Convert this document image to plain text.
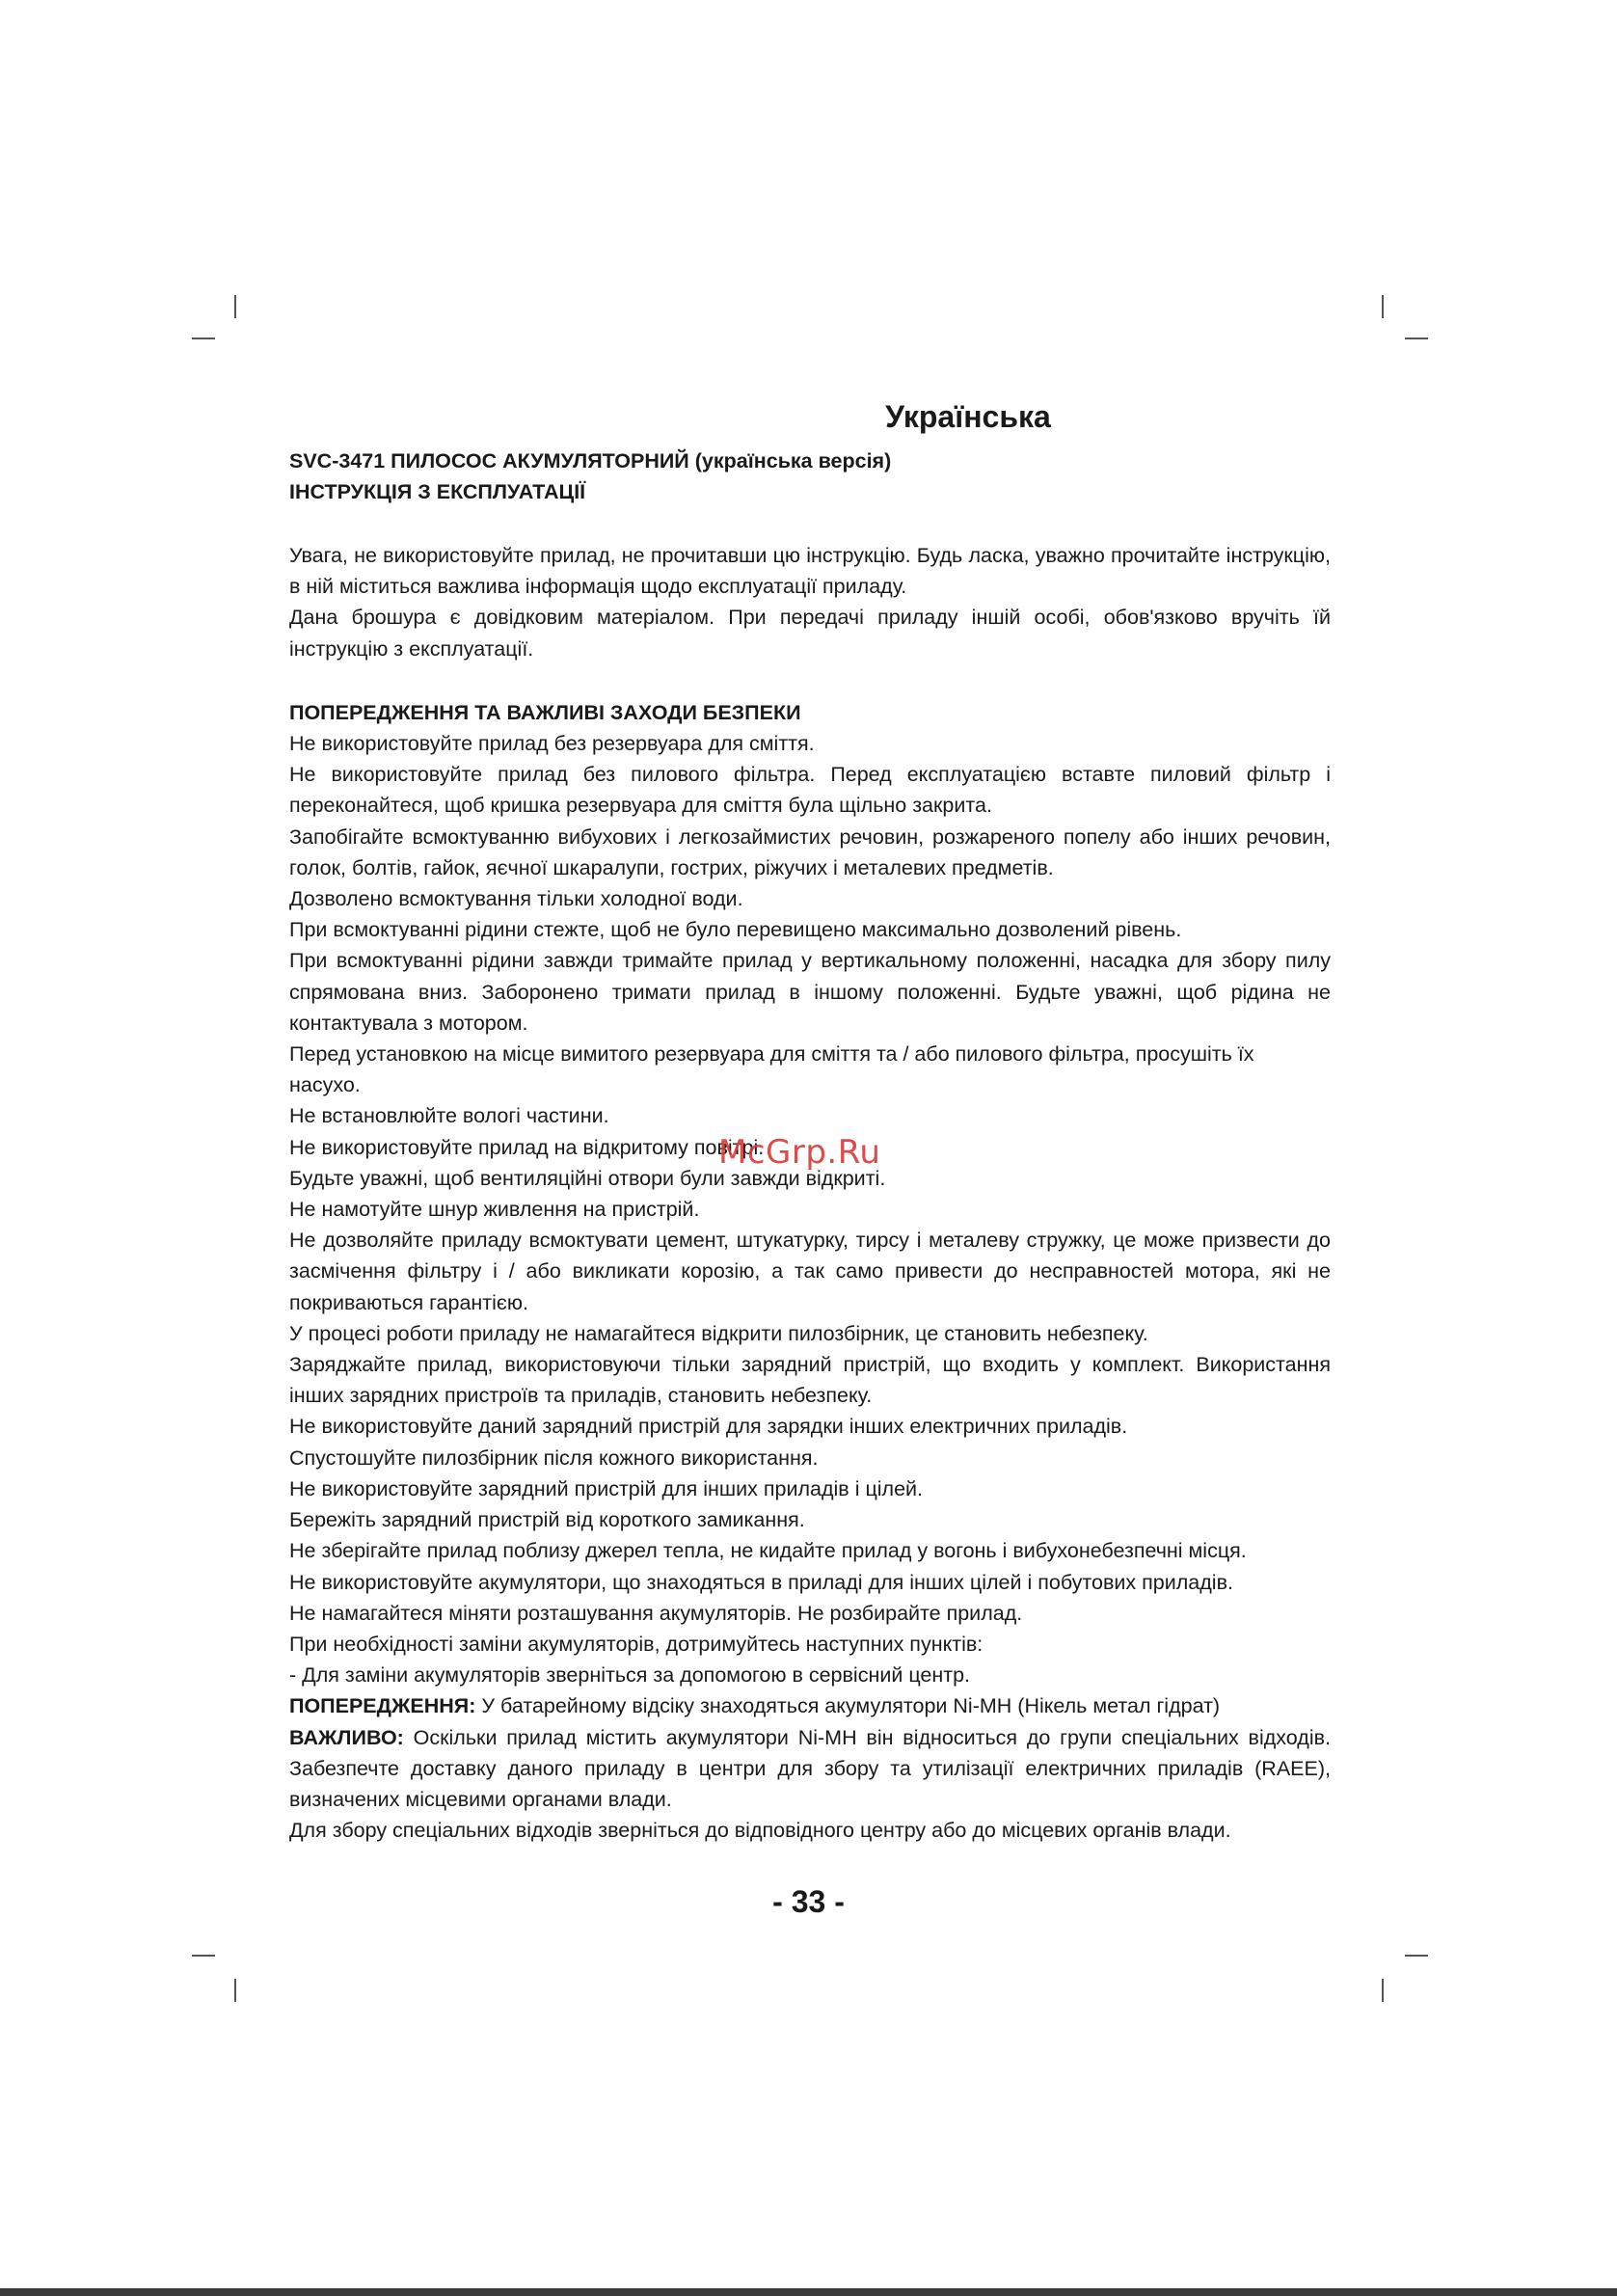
Українська
SVC-3471 ПИЛОСОС АКУМУЛЯТОРНИЙ (українська версія)
ІНСТРУКЦІЯ З ЕКСПЛУАТАЦІЇ

Увага, не використовуйте прилад, не прочитавши цю інструкцію. Будь ласка, уважно прочитайте інструкцію, в ній міститься важлива інформація щодо експлуатації приладу.

Дана брошура є довідковим матеріалом. При передачі приладу іншій особі, обов'язково вручіть їй інструкцію з експлуатації.

ПОПЕРЕДЖЕННЯ ТА ВАЖЛИВІ ЗАХОДИ БЕЗПЕКИ

Не використовуйте прилад без резервуара для сміття.

Не використовуйте прилад без пилового фільтра. Перед експлуатацією вставте пиловий фільтр і переконайтеся, щоб кришка резервуара для сміття була щільно закрита.

Запобігайте всмоктуванню вибухових і легкозаймистих речовин, розжареного попелу або інших речовин, голок, болтів, гайок, яєчної шкаралупи, гострих, ріжучих і металевих предметів.

Дозволено всмоктування тільки холодної води.

При всмоктуванні рідини стежте, щоб не було перевищено максимально дозволений рівень.

При всмоктуванні рідини завжди тримайте прилад у вертикальному положенні, насадка для збору пилу спрямована вниз. Заборонено тримати прилад в іншому положенні. Будьте уважні, щоб рідина не контактувала з мотором.

Перед установкою на місце вимитого резервуара для сміття та / або пилового фільтра, просушіть їх насухо.

Не встановлюйте вологі частини.

Не використовуйте прилад на відкритому повітрі.

Будьте уважні, щоб вентиляційні отвори були завжди відкриті.

Не намотуйте шнур живлення на пристрій.

Не дозволяйте приладу всмоктувати цемент, штукатурку, тирсу і металеву стружку, це може призвести до засмічення фільтру і / або викликати корозію, а так само привести до несправностей мотора, які не покриваються гарантією.

У процесі роботи приладу не намагайтеся відкрити пилозбірник, це становить небезпеку.

Заряджайте прилад, використовуючи тільки зарядний пристрій, що входить у комплект. Використання інших зарядних пристроїв та приладів, становить небезпеку.

Не використовуйте даний зарядний пристрій для зарядки інших електричних приладів.

Спустошуйте пилозбірник після кожного використання.

Не використовуйте зарядний пристрій для інших приладів і цілей.

Бережіть зарядний пристрій від короткого замикання.

Не зберігайте прилад поблизу джерел тепла, не кидайте прилад у вогонь і вибухонебезпечні місця.

Не використовуйте акумулятори, що знаходяться в приладі для інших цілей і побутових приладів.

Не намагайтеся міняти розташування акумуляторів. Не розбирайте прилад.

При необхідності заміни акумуляторів, дотримуйтесь наступних пунктів:

- Для заміни акумуляторів зверніться за допомогою в сервісний центр.

ПОПЕРЕДЖЕННЯ: У батарейному відсіку знаходяться акумулятори Ni-MH (Нікель метал гідрат)

ВАЖЛИВО: Оскільки прилад містить акумулятори Ni-MH він відноситься до групи спеціальних відходів. Забезпечте доставку даного приладу в центри для збору та утилізації електричних приладів (RAEE), визначених місцевими органами влади.

Для збору спеціальних відходів зверніться до відповідного центру або до місцевих органів влади.

McGrp.Ru
- 33 -
